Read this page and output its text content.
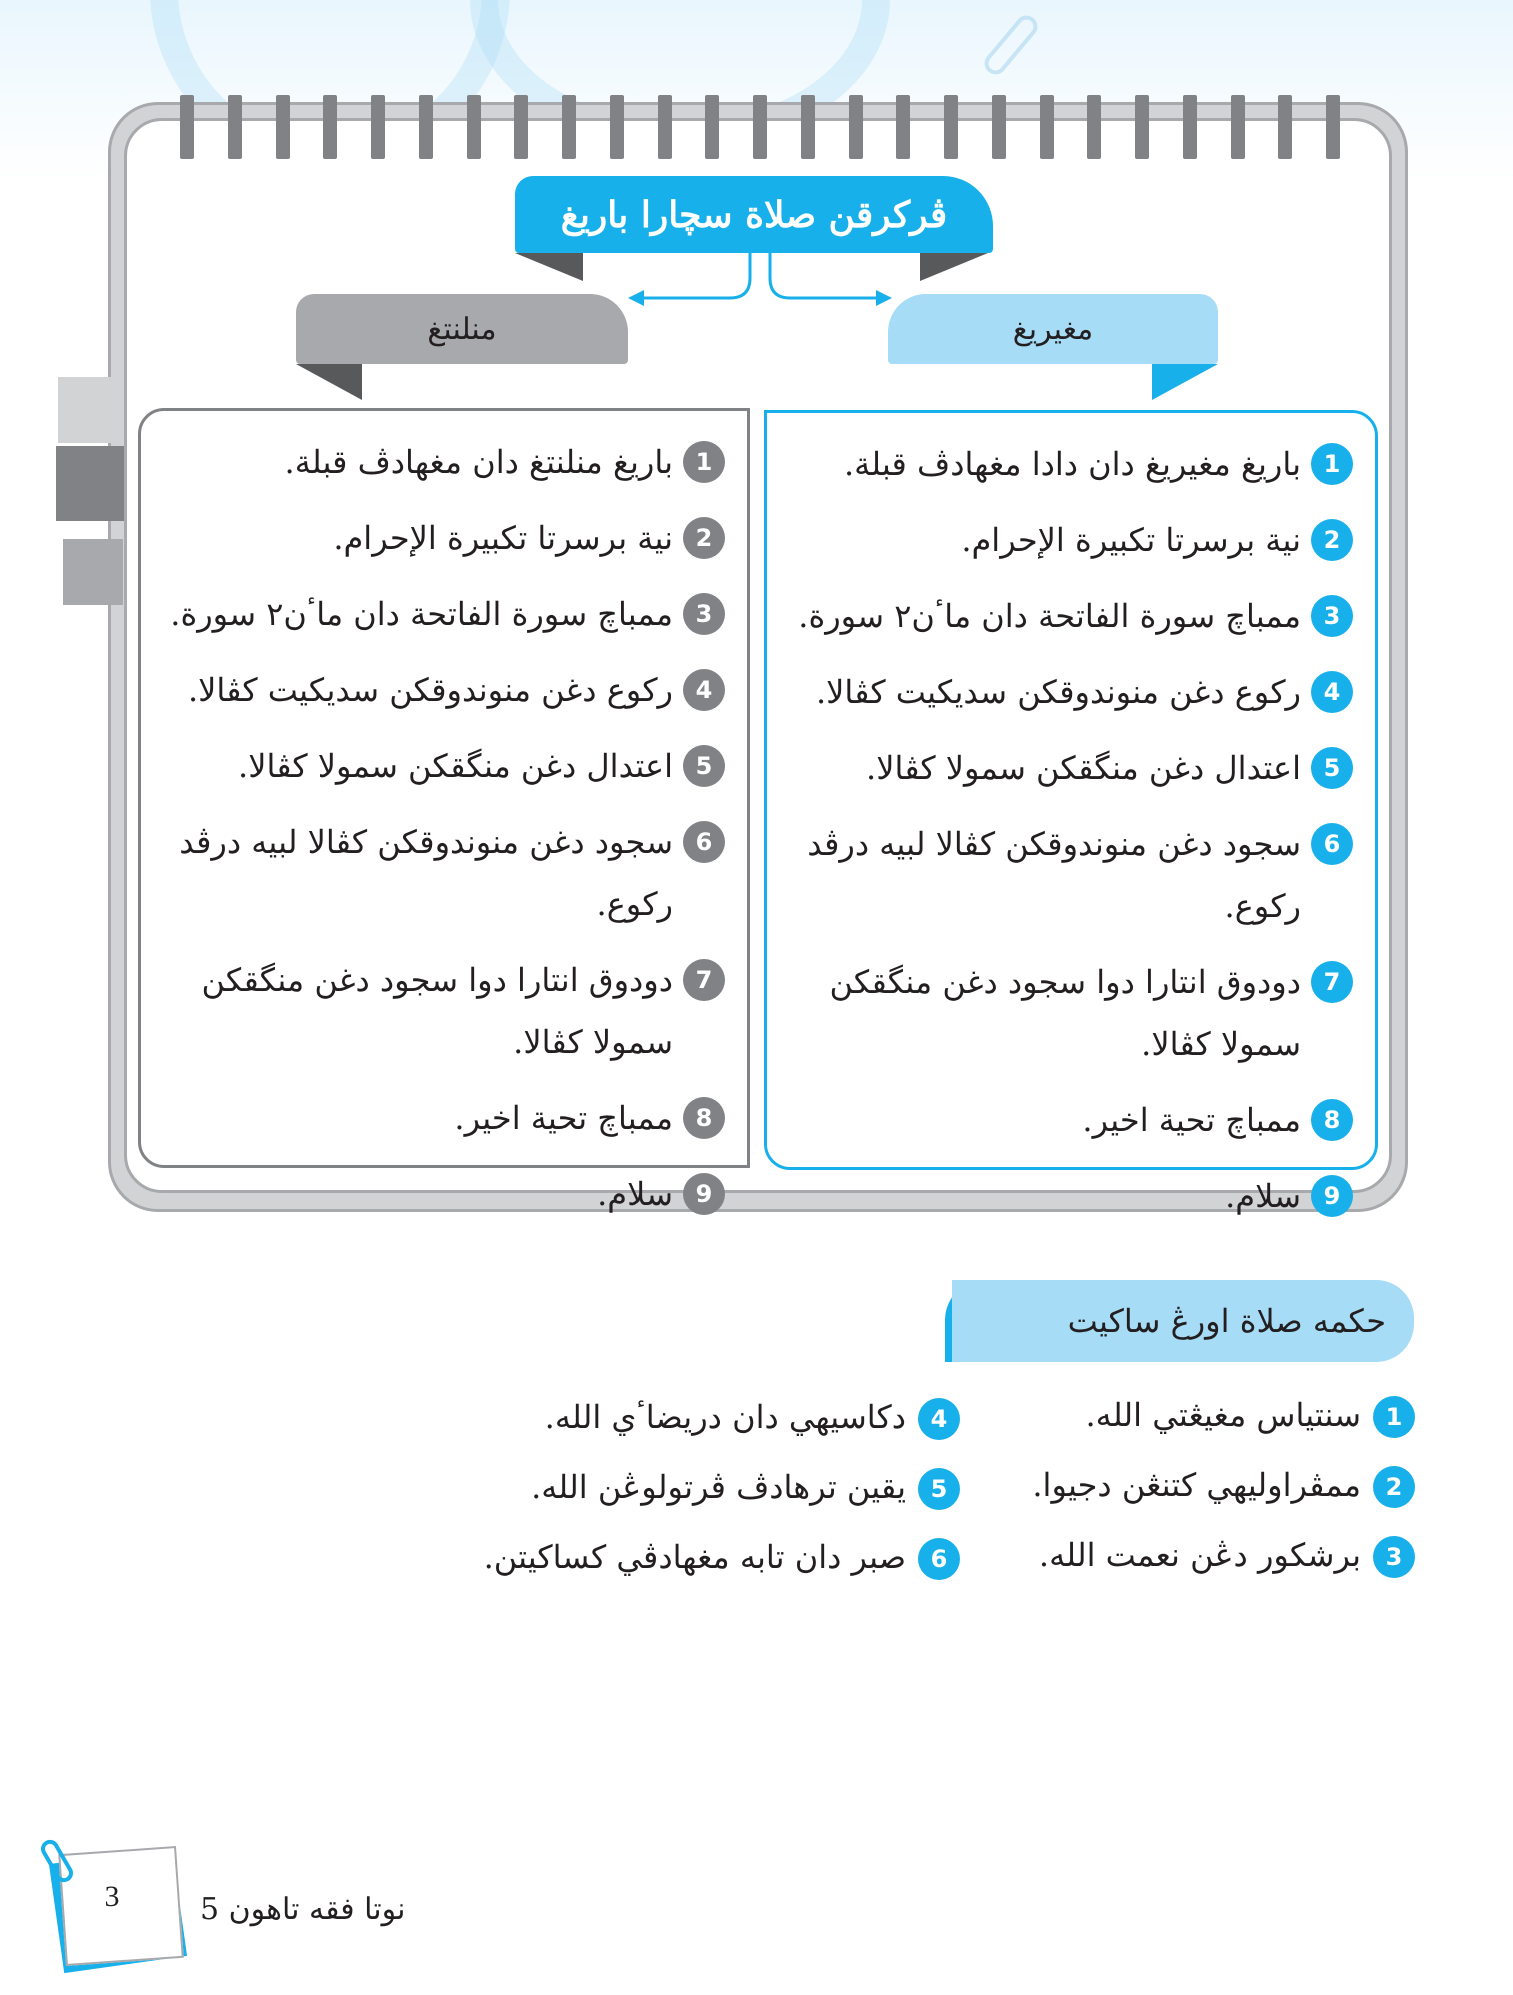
ڤرکرقن صلاة سچارا باريغ
منلنتغ	مغيريغ
1
باريغ مغيريغ دان دادا مغهادڤ قبلة.
2
نية برسرتا تکبيرة الإحرام.
3
ممباچ سورة الفاتحة دان ماٴن٢ سورة.
4
رکوع دغن منوندوقکن سديکيت کڤالا.
5
اعتدال دغن منگقکن سمولا کڤالا.
6
سجود دغن منوندوقکن کڤالا لبيه درڤد رکوع.
7
دودوق انتارا دوا سجود دغن منگقکن سمولا کڤالا.
8
ممباچ تحية اخير.
9
سلام.
1
باريغ منلنتغ دان مغهادڤ قبلة.
2
نية برسرتا تکبيرة الإحرام.
3
ممباچ سورة الفاتحة دان ماٴن٢ سورة.
4
رکوع دغن منوندوقکن سديکيت کڤالا.
5
اعتدال دغن منگقکن سمولا کڤالا.
6
سجود دغن منوندوقکن کڤالا لبيه درڤد رکوع.
7
دودوق انتارا دوا سجود دغن منگقکن سمولا کڤالا.
8
ممباچ تحية اخير.
9
سلام.
حکمه صلاة اورڠ ساکيت
1
سنتياس مغيڠتي الله.
2
ممڤراوليهي کتنڠن دجيوا.
3
برشکور دڠن نعمت الله.
4
دکاسيهي دان دريضاٴي الله.
5
يقين ترهادڤ ڤرتولوڠن الله.
6
صبر دان تابه مغهادڤي کساکيتن.
3	نوتا فقه تاهون 5
